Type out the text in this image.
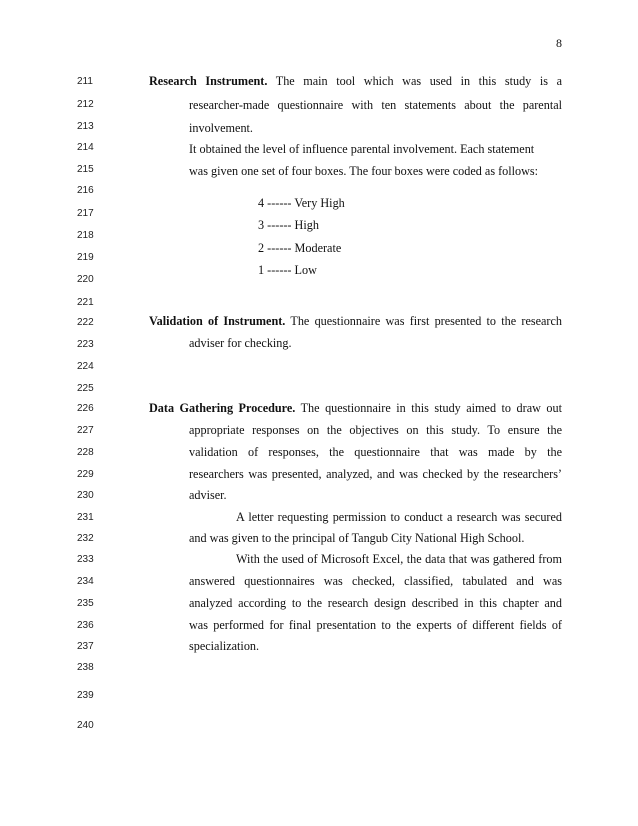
8
211
212
213
214
215
216
217
218
219
220
221
222
223
224
225
226
227
228
229
230
231
232
233
234
235
236
237
238
239
240
Research Instrument. The main tool which was used in this study is a
researcher-made questionnaire with ten statements about the parental
involvement.
It obtained the level of influence parental involvement. Each statement
was given one set of four boxes. The four boxes were coded as follows:
4 ------ Very High
3 ------ High
2 ------ Moderate
1 ------ Low
Validation of Instrument. The questionnaire was first presented to the research
adviser for checking.
Data Gathering Procedure. The questionnaire in this study aimed to draw out
appropriate responses on the objectives on this study. To ensure the
validation of responses, the questionnaire that was made by the
researchers was presented, analyzed, and was checked by the researchers’
adviser.
A letter requesting permission to conduct a research was secured
and was given to the principal of Tangub City National High School.
With the used of Microsoft Excel, the data that was gathered from
answered questionnaires was checked, classified, tabulated and was
analyzed according to the research design described in this chapter and
was performed for final presentation to the experts of different fields of
specialization.
